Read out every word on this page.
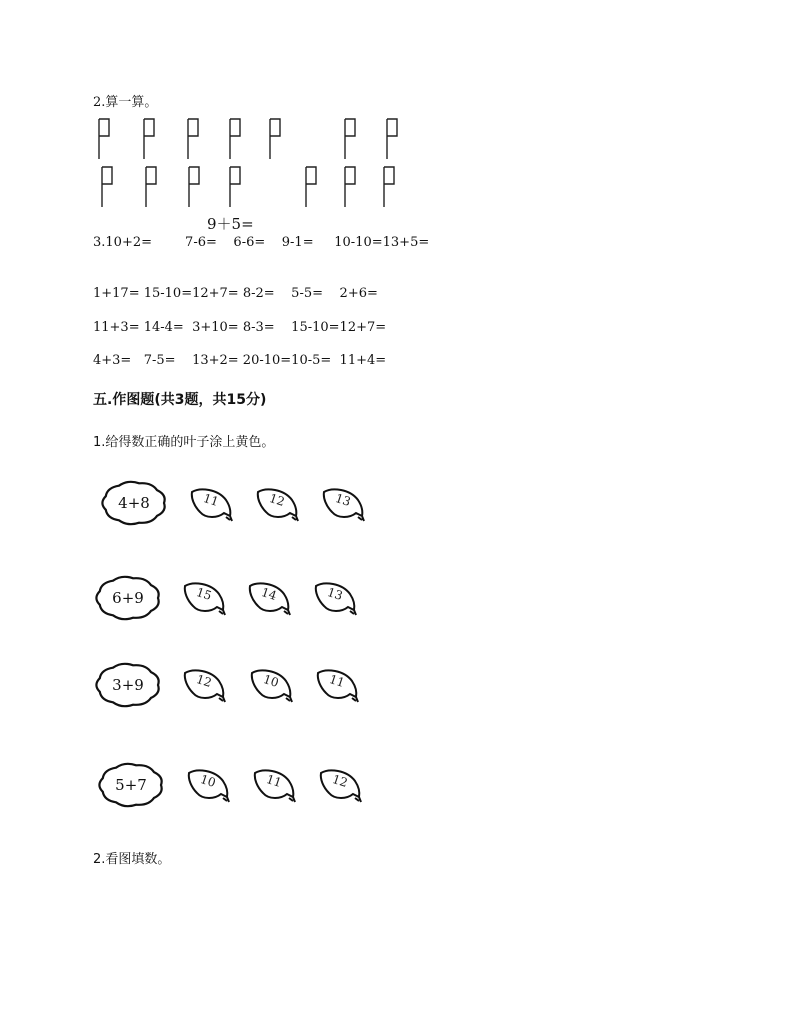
2.算一算。
9＋5=
3.10+2=        7-6=    6-6=    9-1=     10-10=13+5=
1+17= 15-10=12+7= 8-2=    5-5=    2+6=
11+3= 14-4=  3+10= 8-3=    15-10=12+7=
4+3=   7-5=    13+2= 20-10=10-5=  11+4=
五.作图题(共3题，共15分)
1.给得数正确的叶子涂上黄色。
4+8	11	12	13
6+9	15	14	13
3+9	12	10	11
5+7	10	11	12
2.看图填数。
